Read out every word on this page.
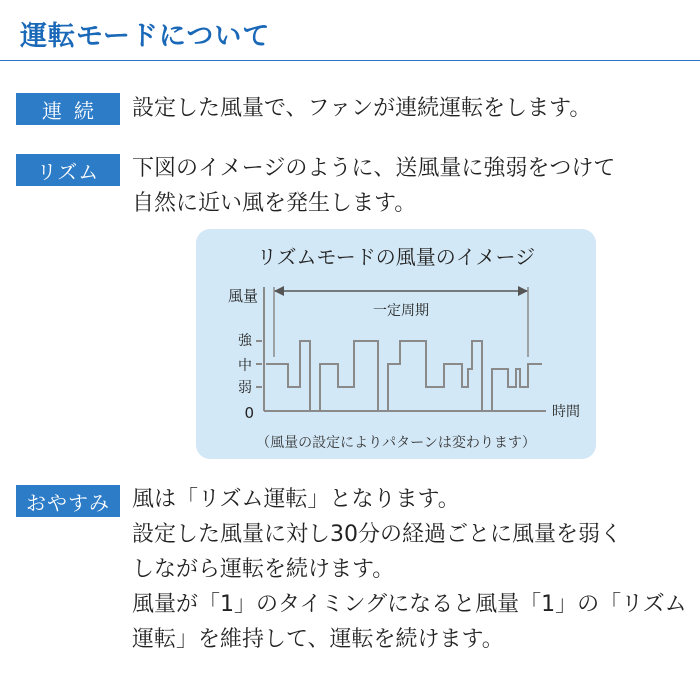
運転モードについて
連続	設定した風量で、ファンが連続運転をします。
リズム	下図のイメージのように、送風量に強弱をつけて
自然に近い風を発生します。
リズムモードの風量のイメージ
風量
強
中
弱
0	時間
一定周期
（風量の設定によりパターンは変わります）
おやすみ	風は「リズム運転」となります。
設定した風量に対し30分の経過ごとに風量を弱く
しながら運転を続けます。
風量が「1」のタイミングになると風量「1」の「リズム
運転」を維持して、運転を続けます。
